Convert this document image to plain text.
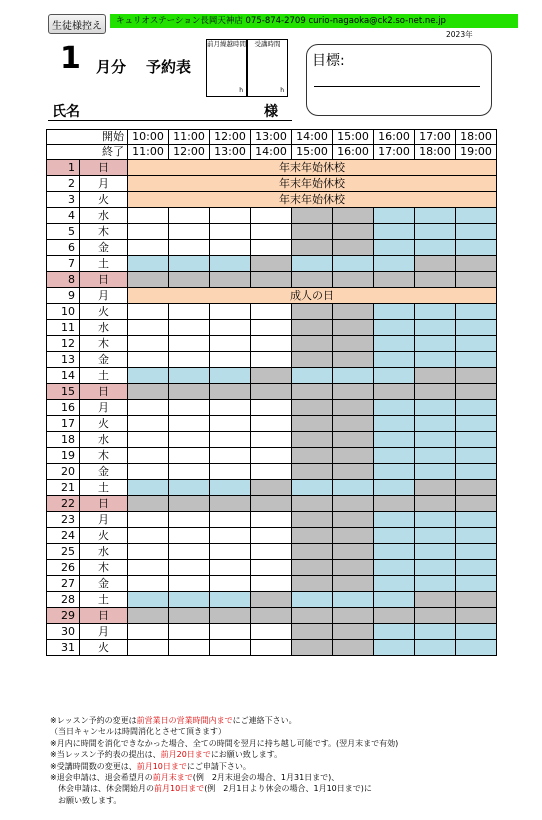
生徒様控え	キュリオステーション長岡天神店 075-874-2709 curio-nagaoka@ck2.so-net.ne.jp
2023年
1 月分 予約表
前月繰越時間
h
受講時間
h
目標:
氏名	様
開始		10:00	11:00	12:00	13:00	14:00	15:00	16:00	17:00	18:00
終了		11:00	12:00	13:00	14:00	15:00	16:00	17:00	18:00	19:00
1	日	年末年始休校								
2	月	年末年始休校								
3	火	年末年始休校								
4	水									
5	木									
6	金									
7	土									
8	日									
9	月	成人の日								
10	火									
11	水									
12	木									
13	金									
14	土									
15	日									
16	月									
17	火									
18	水									
19	木									
20	金									
21	土									
22	日									
23	月									
24	火									
25	水									
26	木									
27	金									
28	土									
29	日									
30	月									
31	火									

※レッスン予約の変更は前営業日の営業時間内までにご連絡下さい。

（当日キャンセルは時間消化とさせて頂きます）

※月内に時間を消化できなかった場合、全ての時間を翌月に持ち越し可能です。(翌月末まで有効)

※当レッスン予約表の提出は、前月20日までにお願い致します。

※受講時間数の変更は、前月10日までにご申請下さい。

※退会申請は、退会希望月の前月末まで(例　2月末退会の場合、1月31日まで)、

　休会申請は、休会開始月の前月10日まで(例　2月1日より休会の場合、1月10日まで)に

　お願い致します。
